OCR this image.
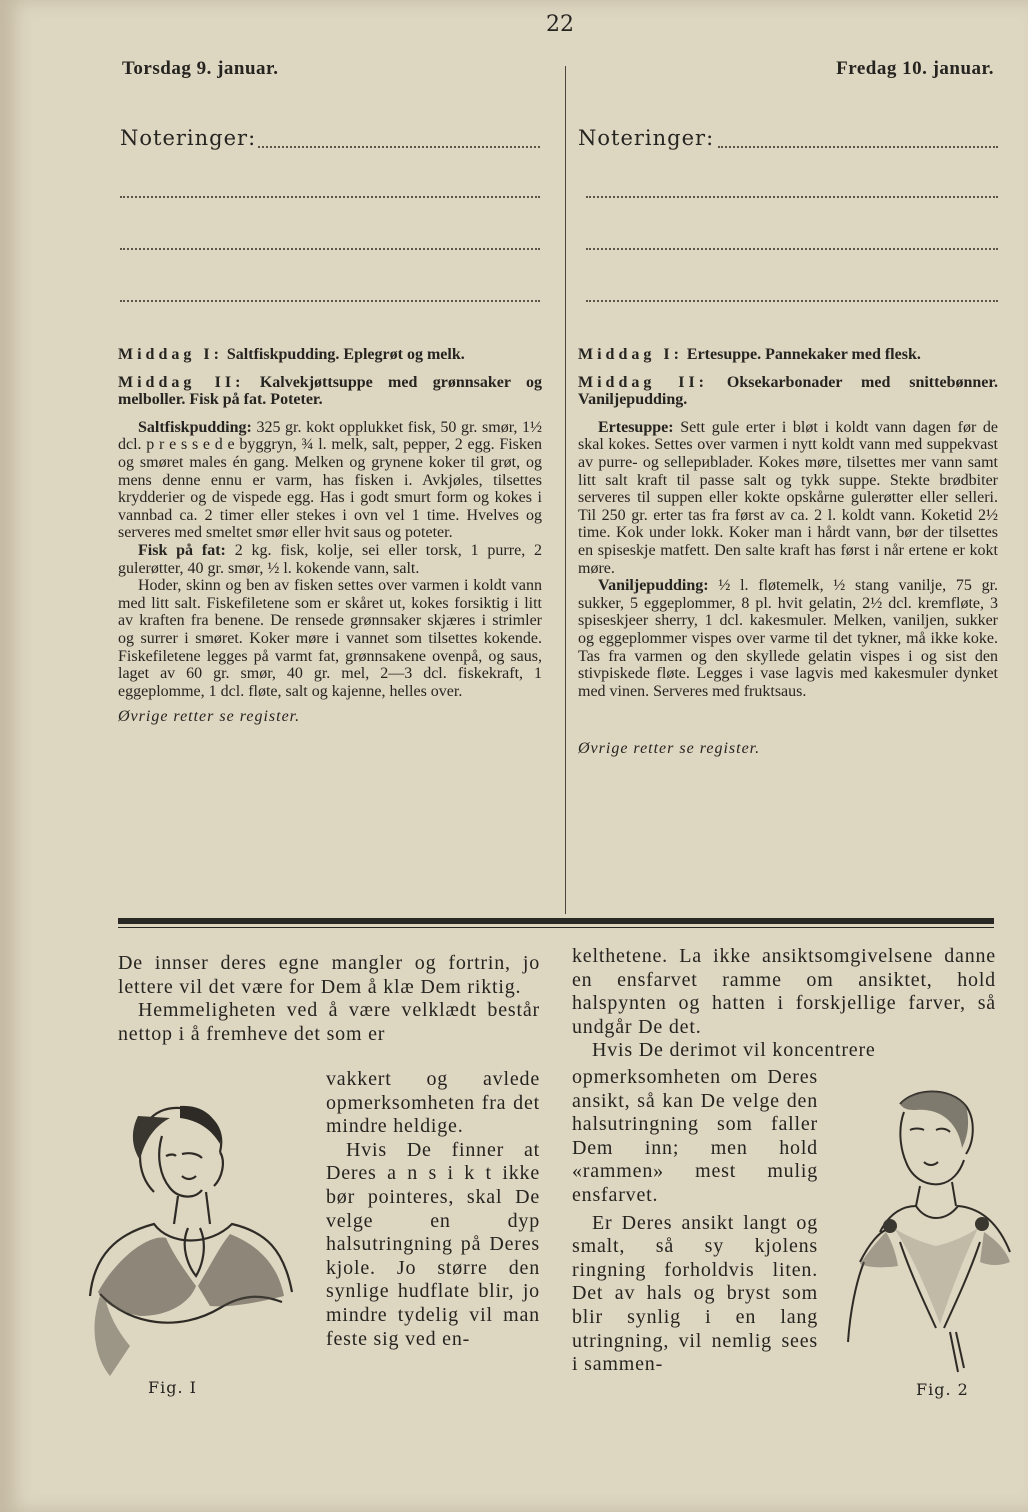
22
Torsdag 9. januar.	Fredag 10. januar.
Noteringer:	Noteringer:

Middag I: Saltfiskpudding. Eplegrøt og melk.

Middag II: Kalvekjøttsuppe med grønnsaker og melboller. Fisk på fat. Poteter.

Saltfiskpudding: 325 gr. kokt opplukket fisk, 50 gr. smør, 1½ dcl. p r e s s e d e byggryn, ¾ l. melk, salt, pepper, 2 egg. Fisken og smøret males én gang. Melken og grynene koker til grøt, og mens denne ennu er varm, has fisken i. Avkjøles, tilsettes krydderier og de vispede egg. Has i godt smurt form og kokes i vannbad ca. 2 timer eller stekes i ovn vel 1 time. Hvelves og serveres med smeltet smør eller hvit saus og poteter.

Fisk på fat: 2 kg. fisk, kolje, sei eller torsk, 1 purre, 2 gulerøtter, 40 gr. smør, ½ l. kokende vann, salt.

Hoder, skinn og ben av fisken settes over varmen i koldt vann med litt salt. Fiskefiletene som er skåret ut, kokes forsiktig i litt av kraften fra benene. De rensede grønnsaker skjæres i strimler og surrer i smøret. Koker møre i vannet som tilsettes kokende. Fiskefiletene legges på varmt fat, grønnsakene ovenpå, og saus, laget av 60 gr. smør, 40 gr. mel, 2—3 dcl. fiskekraft, 1 eggeplomme, 1 dcl. fløte, salt og kajenne, helles over.

Øvrige retter se register.

Middag I: Ertesuppe. Pannekaker med flesk.

Middag II: Oksekarbonader med snittebønner. Vaniljepudding.

Ertesuppe: Sett gule erter i bløt i koldt vann dagen før de skal kokes. Settes over varmen i nytt koldt vann med suppekvast av purre- og sellериblader. Kokes møre, tilsettes mer vann samt litt salt kraft til passe salt og tykk suppe. Stekte brødbiter serveres til suppen eller kokte opskårne gulerøtter eller selleri. Til 250 gr. erter tas fra først av ca. 2 l. koldt vann. Koketid 2½ time. Kok under lokk. Koker man i hårdt vann, bør der tilsettes en spiseskje matfett. Den salte kraft has først i når ertene er kokt møre.

Vaniljepudding: ½ l. fløtemelk, ½ stang vanilje, 75 gr. sukker, 5 eggeplommer, 8 pl. hvit gelatin, 2½ dcl. kremfløte, 3 spiseskjeer sherry, 1 dcl. kakesmuler. Melken, vaniljen, sukker og eggeplommer vispes over varme til det tykner, må ikke koke. Tas fra varmen og den skyllede gelatin vispes i og sist den stivpiskede fløte. Legges i vase lagvis med kakesmuler dynket med vinen. Serveres med fruktsaus.

Øvrige retter se register.

De innser deres egne mangler og fortrin, jo lettere vil det være for Dem å klæ Dem riktig.

Hemmeligheten ved å være velklædt består nettop i å fremheve det som er

vakkert og avlede opmerksomheten fra det mindre heldige.

Hvis De finner at Deres a n s i k t ikke bør pointeres, skal De velge en dyp halsutringning på Deres kjole. Jo større den synlige hudflate blir, jo mindre tydelig vil man feste sig ved en-

kelthetene. La ikke ansiktsomgivelsene danne en ensfarvet ramme om ansiktet, hold halspynten og hatten i forskjellige farver, så undgår De det.

Hvis De derimot vil koncentrere

opmerksomheten om Deres ansikt, så kan De velge den halsutringning som faller Dem inn; men hold «rammen» mest mulig ensfarvet.

Er Deres ansikt langt og smalt, så sy kjolens ringning forholdvis liten. Det av hals og bryst som blir synlig i en lang utringning, vil nemlig sees i sammen-

Fig. I	Fig. 2
